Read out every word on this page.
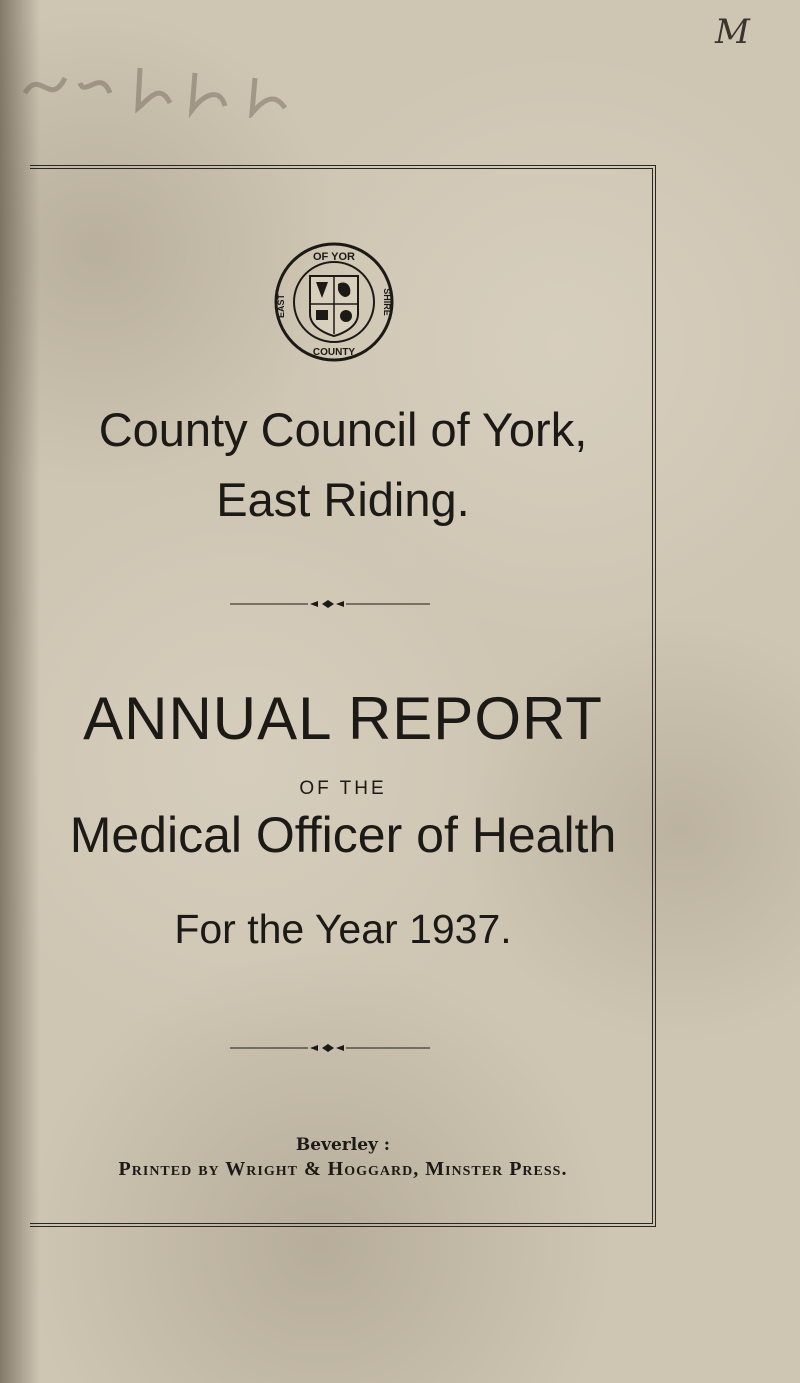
M
OF YOR
EAST	SHIRE
COUNTY
County Council of York,
East Riding.
ANNUAL REPORT
OF THE
Medical Officer of Health
For the Year 1937.
Beverley :
Printed by Wright & Hoggard, Minster Press.
